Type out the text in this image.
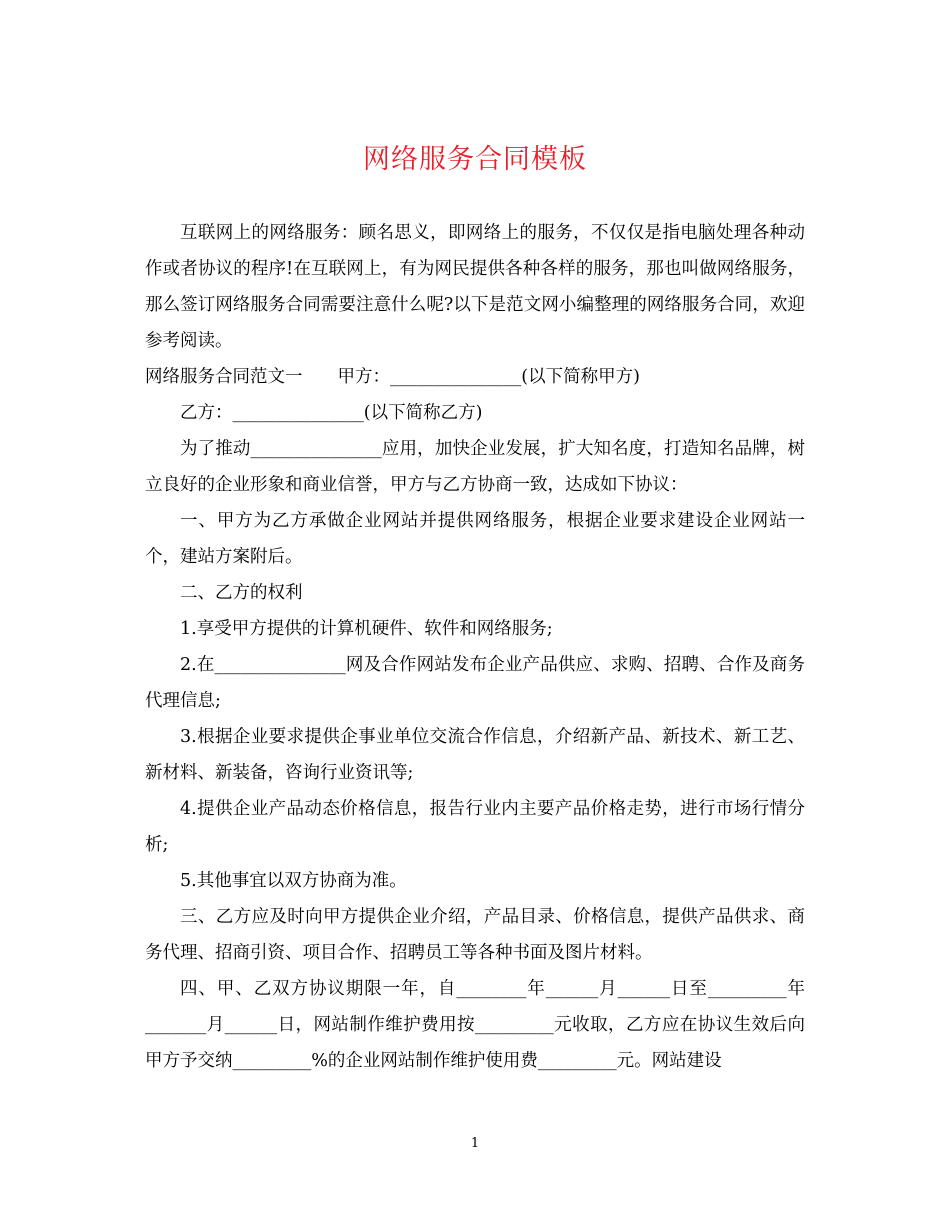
网络服务合同模板

互联网上的网络服务：顾名思义，即网络上的服务，不仅仅是指电脑处理各种动作或者协议的程序!在互联网上，有为网民提供各种各样的服务，那也叫做网络服务，那么签订网络服务合同需要注意什么呢?以下是范文网小编整理的网络服务合同，欢迎参考阅读。

网络服务合同范文一　　甲方：_______________(以下简称甲方)

乙方：_______________(以下简称乙方)

为了推动_______________应用，加快企业发展，扩大知名度，打造知名品牌，树立良好的企业形象和商业信誉，甲方与乙方协商一致，达成如下协议：

一、甲方为乙方承做企业网站并提供网络服务，根据企业要求建设企业网站一个，建站方案附后。

二、乙方的权利

1.享受甲方提供的计算机硬件、软件和网络服务;

2.在_______________网及合作网站发布企业产品供应、求购、招聘、合作及商务代理信息;

3.根据企业要求提供企事业单位交流合作信息，介绍新产品、新技术、新工艺、新材料、新装备，咨询行业资讯等;

4.提供企业产品动态价格信息，报告行业内主要产品价格走势，进行市场行情分析;

5.其他事宜以双方协商为准。

三、乙方应及时向甲方提供企业介绍，产品目录、价格信息，提供产品供求、商务代理、招商引资、项目合作、招聘员工等各种书面及图片材料。

四、甲、乙双方协议期限一年，自________年______月______日至_________年_______月______日，网站制作维护费用按_________元收取，乙方应在协议生效后向甲方予交纳_________%的企业网站制作维护使用费_________元。网站建设

1
